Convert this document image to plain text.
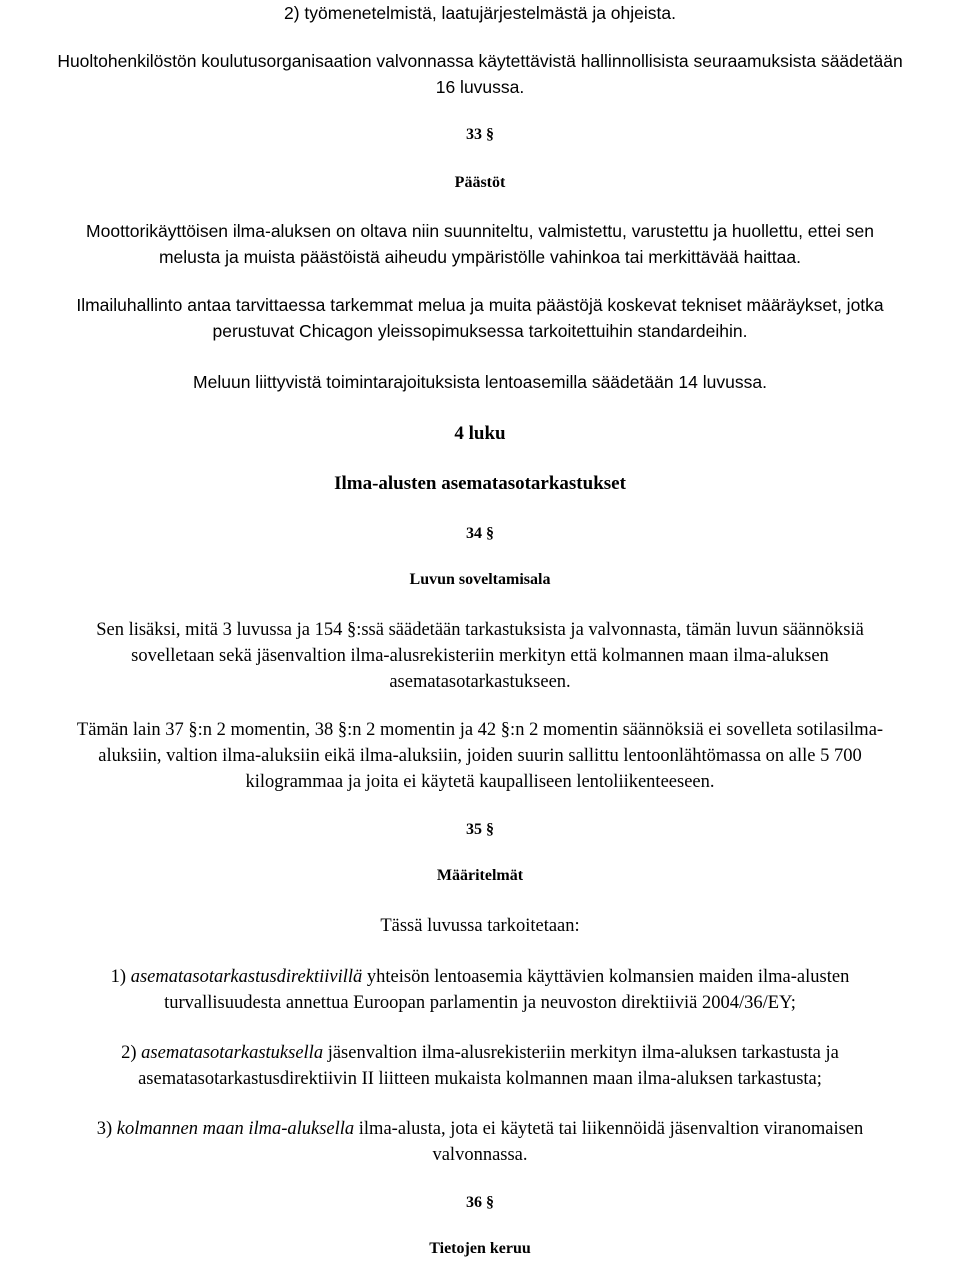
2) työmenetelmistä, laatujärjestelmästä ja ohjeista.
Huoltohenkilöstön koulutusorganisaation valvonnassa käytettävistä hallinnollisista seuraamuksista säädetään
16 luvussa.
33 §
Päästöt
Moottorikäyttöisen ilma-aluksen on oltava niin suunniteltu, valmistettu, varustettu ja huollettu, ettei sen
melusta ja muista päästöistä aiheudu ympäristölle vahinkoa tai merkittävää haittaa.
Ilmailuhallinto antaa tarvittaessa tarkemmat melua ja muita päästöjä koskevat tekniset määräykset, jotka
perustuvat Chicagon yleissopimuksessa tarkoitettuihin standardeihin.
Meluun liittyvistä toimintarajoituksista lentoasemilla säädetään 14 luvussa.
4 luku
Ilma-alusten asematasotarkastukset
34 §
Luvun soveltamisala
Sen lisäksi, mitä 3 luvussa ja 154 §:ssä säädetään tarkastuksista ja valvonnasta, tämän luvun säännöksiä
sovelletaan sekä jäsenvaltion ilma-alusrekisteriin merkityn että kolmannen maan ilma-aluksen
asematasotarkastukseen.
Tämän lain 37 §:n 2 momentin, 38 §:n 2 momentin ja 42 §:n 2 momentin säännöksiä ei sovelleta sotilasilma-
aluksiin, valtion ilma-aluksiin eikä ilma-aluksiin, joiden suurin sallittu lentoonlähtömassa on alle 5 700
kilogrammaa ja joita ei käytetä kaupalliseen lentoliikenteeseen.
35 §
Määritelmät
Tässä luvussa tarkoitetaan:
1) asematasotarkastusdirektiivillä yhteisön lentoasemia käyttävien kolmansien maiden ilma-alusten
turvallisuudesta annettua Euroopan parlamentin ja neuvoston direktiiviä 2004/36/EY;
2) asematasotarkastuksella jäsenvaltion ilma-alusrekisteriin merkityn ilma-aluksen tarkastusta ja
asematasotarkastusdirektiivin II liitteen mukaista kolmannen maan ilma-aluksen tarkastusta;
3) kolmannen maan ilma-aluksella ilma-alusta, jota ei käytetä tai liikennöidä jäsenvaltion viranomaisen
valvonnassa.
36 §
Tietojen keruu
